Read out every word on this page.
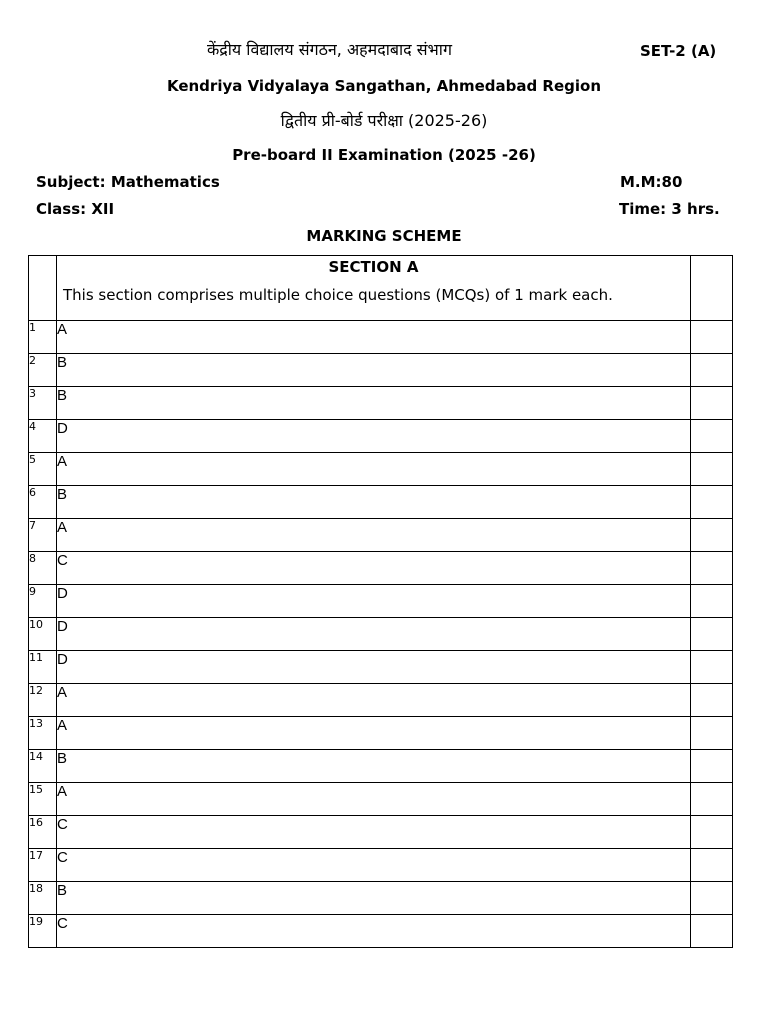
केंद्रीय विद्यालय संगठन, अहमदाबाद संभाग	SET-2 (A)
Kendriya Vidyalaya Sangathan, Ahmedabad Region
द्वितीय प्री-बोर्ड परीक्षा (2025-26)
Pre-board II Examination (2025 -26)
Subject: Mathematics	M.M:80
Class: XII	Time: 3 hrs.
MARKING SCHEME

	SECTION A
This section comprises multiple choice questions (MCQs) of 1 mark each.	

1	A	
2	B	
3	B	
4	D	
5	A	
6	B	
7	A	
8	C	
9	D	
10	D	
11	D	
12	A	
13	A	
14	B	
15	A	
16	C	
17	C	
18	B	
19	C	
